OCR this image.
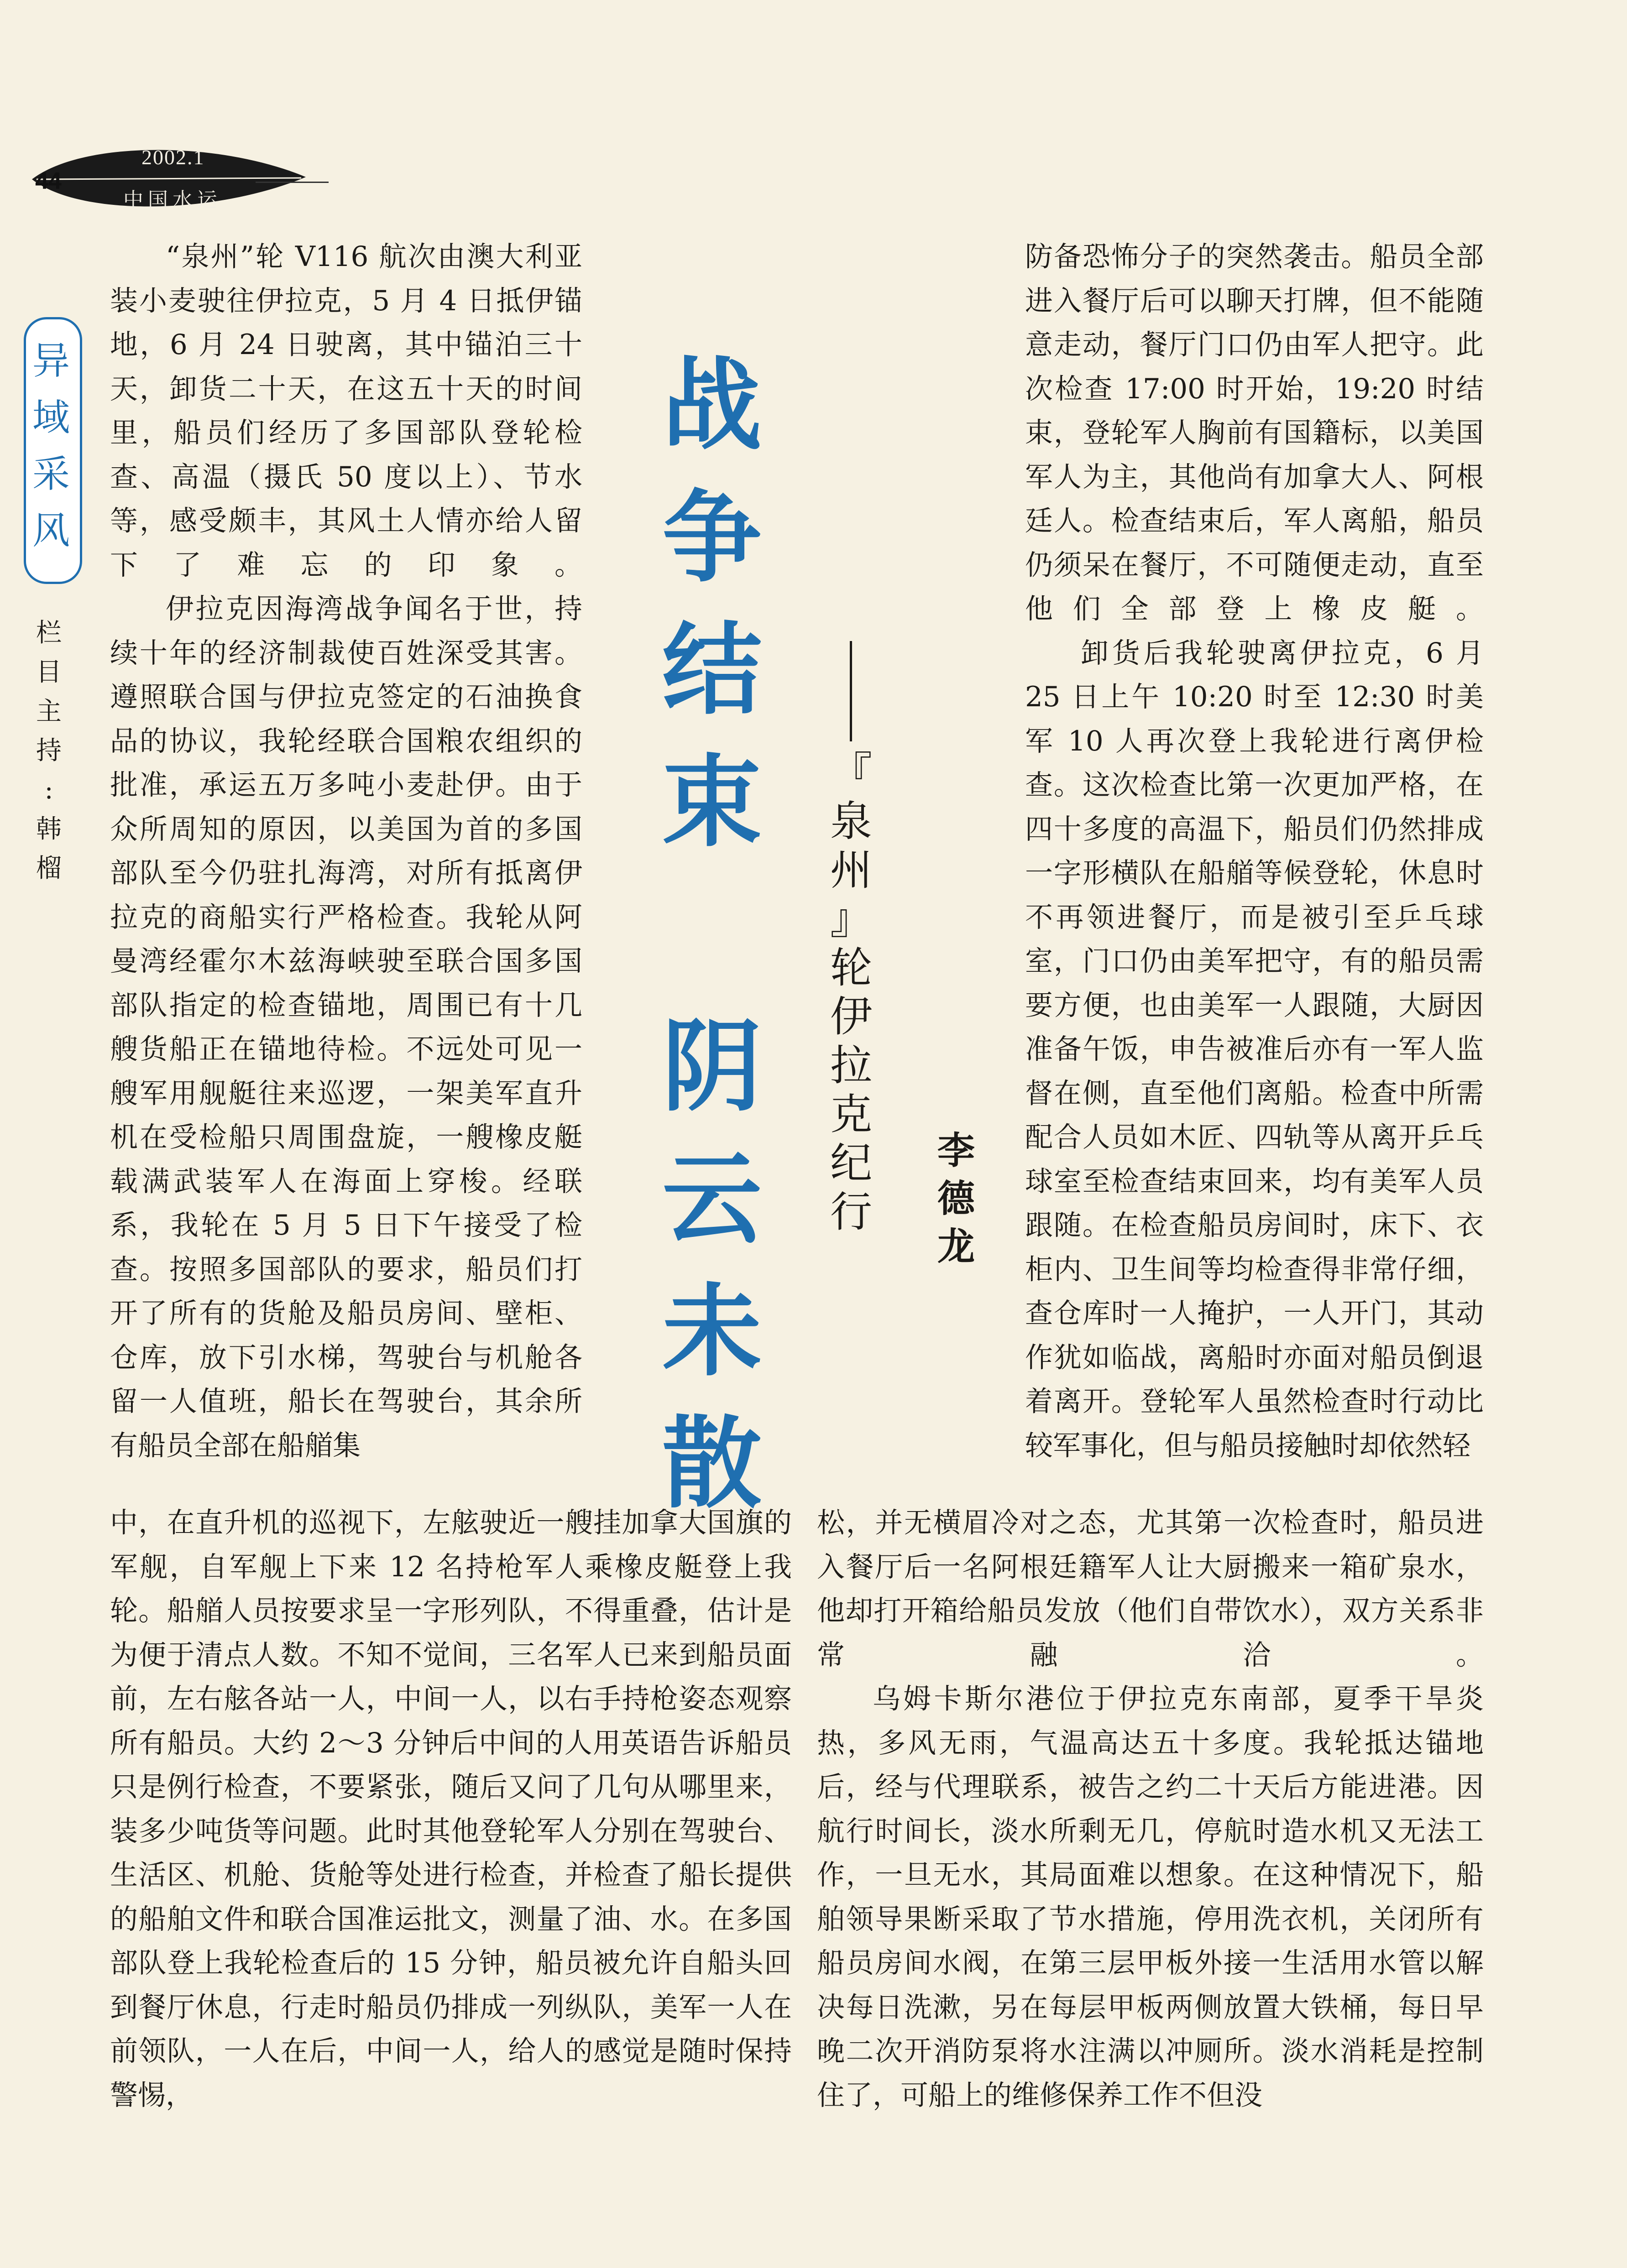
44
2002.1
中国水运
异
域
采
风
栏
目
主
持
:
韩
榴
战
争
结
束
阴
云
未
散
『
泉
州
』
轮
伊
拉
克
纪
行
李
德
龙

“泉州”轮 V116 航次由澳大利亚装小麦驶往伊拉克，5 月 4 日抵伊锚地，6 月 24 日驶离，其中锚泊三十天，卸货二十天，在这五十天的时间里，船员们经历了多国部队登轮检查、高温（摄氏 50 度以上）、节水等，感受颇丰，其风土人情亦给人留下了难忘的印象。

伊拉克因海湾战争闻名于世，持续十年的经济制裁使百姓深受其害。遵照联合国与伊拉克签定的石油换食品的协议，我轮经联合国粮农组织的批准，承运五万多吨小麦赴伊。由于众所周知的原因，以美国为首的多国部队至今仍驻扎海湾，对所有抵离伊拉克的商船实行严格检查。我轮从阿曼湾经霍尔木兹海峡驶至联合国多国部队指定的检查锚地，周围已有十几艘货船正在锚地待检。不远处可见一艘军用舰艇往来巡逻，一架美军直升机在受检船只周围盘旋，一艘橡皮艇载满武装军人在海面上穿梭。经联系，我轮在 5 月 5 日下午接受了检查。按照多国部队的要求，船员们打开了所有的货舱及船员房间、壁柜、仓库，放下引水梯，驾驶台与机舱各留一人值班，船长在驾驶台，其余所有船员全部在船艏集

中，在直升机的巡视下，左舷驶近一艘挂加拿大国旗的军舰，自军舰上下来 12 名持枪军人乘橡皮艇登上我轮。船艏人员按要求呈一字形列队，不得重叠，估计是为便于清点人数。不知不觉间，三名军人已来到船员面前，左右舷各站一人，中间一人，以右手持枪姿态观察所有船员。大约 2～3 分钟后中间的人用英语告诉船员只是例行检查，不要紧张，随后又问了几句从哪里来，装多少吨货等问题。此时其他登轮军人分别在驾驶台、生活区、机舱、货舱等处进行检查，并检查了船长提供的船舶文件和联合国准运批文，测量了油、水。在多国部队登上我轮检查后的 15 分钟，船员被允许自船头回到餐厅休息，行走时船员仍排成一列纵队，美军一人在前领队，一人在后，中间一人，给人的感觉是随时保持警惕，

防备恐怖分子的突然袭击。船员全部进入餐厅后可以聊天打牌，但不能随意走动，餐厅门口仍由军人把守。此次检查 17:00 时开始，19:20 时结束，登轮军人胸前有国籍标，以美国军人为主，其他尚有加拿大人、阿根廷人。检查结束后，军人离船，船员仍须呆在餐厅，不可随便走动，直至他们全部登上橡皮艇。

卸货后我轮驶离伊拉克，6 月 25 日上午 10:20 时至 12:30 时美军 10 人再次登上我轮进行离伊检查。这次检查比第一次更加严格，在四十多度的高温下，船员们仍然排成一字形横队在船艏等候登轮，休息时不再领进餐厅，而是被引至乒乓球室，门口仍由美军把守，有的船员需要方便，也由美军一人跟随，大厨因准备午饭，申告被准后亦有一军人监督在侧，直至他们离船。检查中所需配合人员如木匠、四轨等从离开乒乓球室至检查结束回来，均有美军人员跟随。在检查船员房间时，床下、衣柜内、卫生间等均检查得非常仔细，查仓库时一人掩护，一人开门，其动作犹如临战，离船时亦面对船员倒退着离开。登轮军人虽然检查时行动比较军事化，但与船员接触时却依然轻

松，并无横眉冷对之态，尤其第一次检查时，船员进入餐厅后一名阿根廷籍军人让大厨搬来一箱矿泉水，他却打开箱给船员发放（他们自带饮水），双方关系非常融洽。

乌姆卡斯尔港位于伊拉克东南部，夏季干旱炎热，多风无雨，气温高达五十多度。我轮抵达锚地后，经与代理联系，被告之约二十天后方能进港。因航行时间长，淡水所剩无几，停航时造水机又无法工作，一旦无水，其局面难以想象。在这种情况下，船舶领导果断采取了节水措施，停用洗衣机，关闭所有船员房间水阀，在第三层甲板外接一生活用水管以解决每日洗漱，另在每层甲板两侧放置大铁桶，每日早晚二次开消防泵将水注满以冲厕所。淡水消耗是控制住了，可船上的维修保养工作不但没
